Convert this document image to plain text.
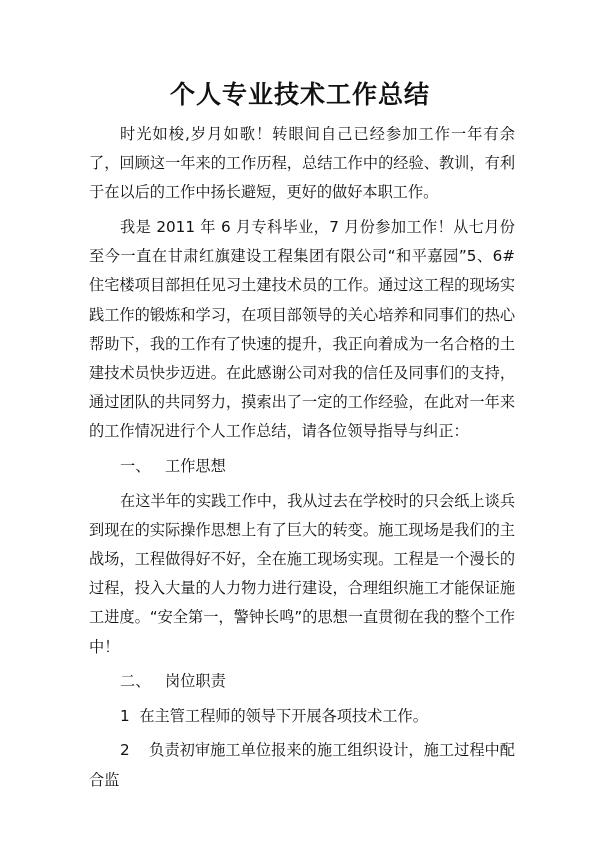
个人专业技术工作总结

时光如梭,岁月如歌！转眼间自己已经参加工作一年有余了，回顾这一年来的工作历程，总结工作中的经验、教训，有利于在以后的工作中扬长避短，更好的做好本职工作。

我是 2011 年 6 月专科毕业，7 月份参加工作！从七月份至今一直在甘肃红旗建设工程集团有限公司“和平嘉园”5、6#住宅楼项目部担任见习土建技术员的工作。通过这工程的现场实践工作的锻炼和学习，在项目部领导的关心培养和同事们的热心帮助下，我的工作有了快速的提升，我正向着成为一名合格的土建技术员快步迈进。在此感谢公司对我的信任及同事们的支持，通过团队的共同努力，摸索出了一定的工作经验，在此对一年来的工作情况进行个人工作总结，请各位领导指导与纠正：

一、 工作思想

在这半年的实践工作中，我从过去在学校时的只会纸上谈兵到现在的实际操作思想上有了巨大的转变。施工现场是我们的主战场，工程做得好不好，全在施工现场实现。工程是一个漫长的过程，投入大量的人力物力进行建设，合理组织施工才能保证施工进度。“安全第一，警钟长鸣”的思想一直贯彻在我的整个工作中！

二、 岗位职责

1  在主管工程师的领导下开展各项技术工作。

2    负责初审施工单位报来的施工组织设计，施工过程中配合监
